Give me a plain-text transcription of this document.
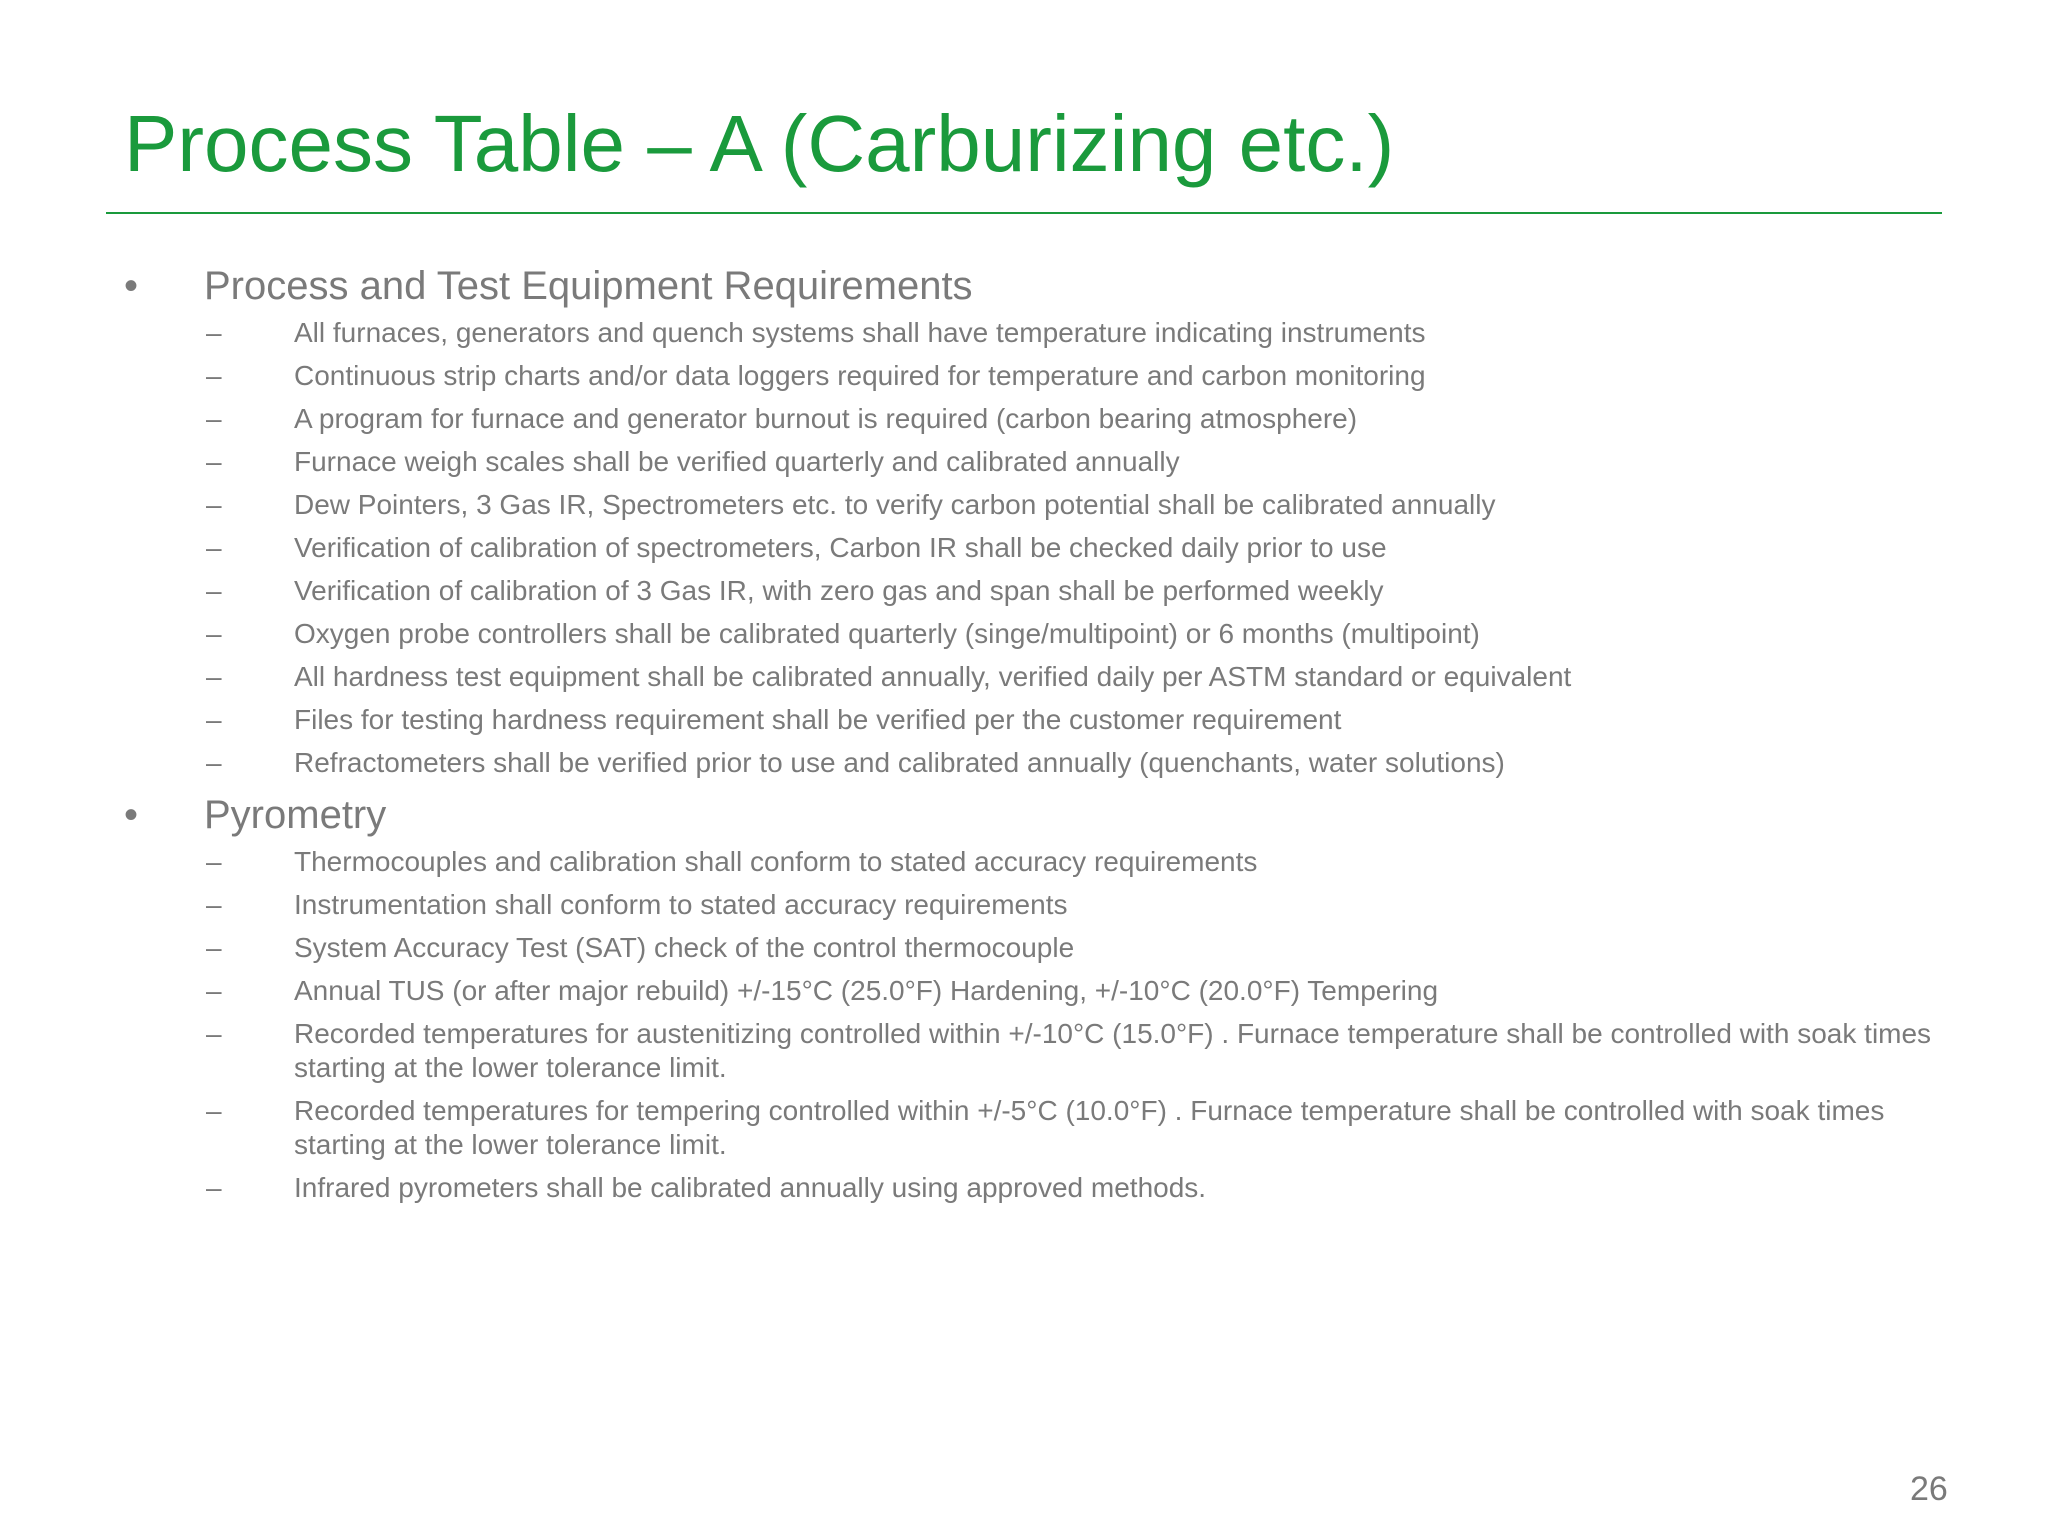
Process Table – A (Carburizing etc.)
• Process and Test Equipment Requirements
–	All furnaces, generators and quench systems shall have temperature indicating instruments
–	Continuous strip charts and/or data loggers required for temperature and carbon monitoring
–	A program for furnace and generator burnout is required (carbon bearing atmosphere)
–	Furnace weigh scales shall be verified quarterly and calibrated annually
–	Dew Pointers, 3 Gas IR, Spectrometers etc. to verify carbon potential shall be calibrated annually
–	Verification of calibration of spectrometers, Carbon IR shall be checked daily prior to use
–	Verification of calibration of 3 Gas IR, with zero gas and span shall be performed weekly
–	Oxygen probe controllers shall be calibrated quarterly (singe/multipoint) or 6 months (multipoint)
–	All hardness test equipment shall be calibrated annually, verified daily per ASTM standard or equivalent
–	Files for testing hardness requirement shall be verified per the customer requirement
–	Refractometers shall be verified prior to use and calibrated annually (quenchants, water solutions)
• Pyrometry
–	Thermocouples and calibration shall conform to stated accuracy requirements
–	Instrumentation shall conform to stated accuracy requirements
–	System Accuracy Test (SAT) check of the control thermocouple
–	Annual TUS (or after major rebuild) +/-15°C (25.0°F) Hardening, +/-10°C (20.0°F) Tempering
–	Recorded temperatures for austenitizing controlled within +/-10°C (15.0°F) . Furnace temperature shall be controlled with soak times starting at the lower tolerance limit.
–	Recorded temperatures for tempering controlled within +/-5°C (10.0°F) . Furnace temperature shall be controlled with soak times starting at the lower tolerance limit.
–	Infrared pyrometers shall be calibrated annually using approved methods.
26
